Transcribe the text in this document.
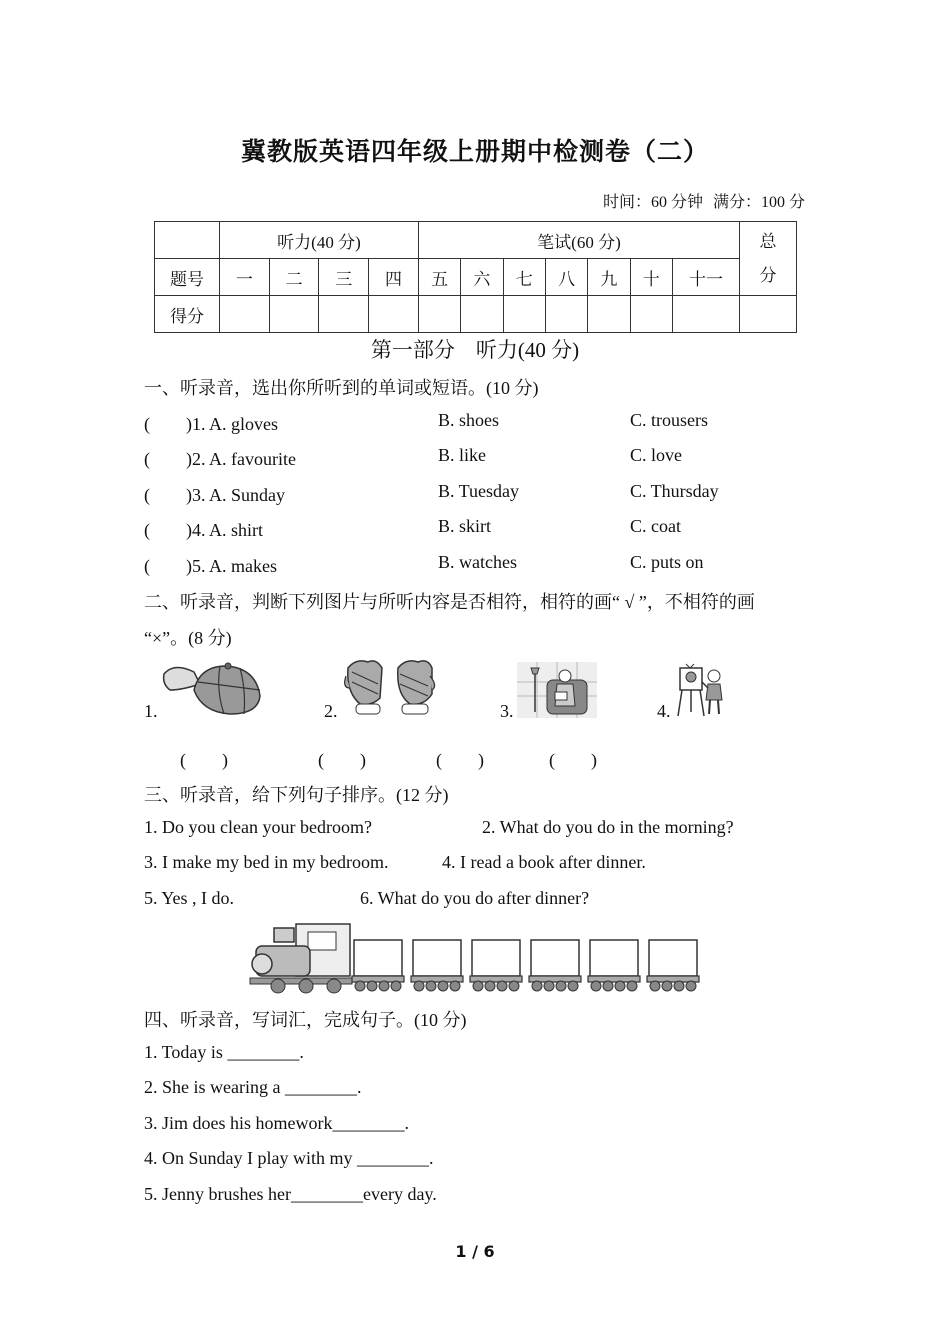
冀教版英语四年级上册期中检测卷（二）
时间：60 分钟 满分：100 分
	听力(40 分)				笔试(60 分)							总分
题号	一	二	三	四	五	六	七	八	九	十	十一	
得分												
第一部分　听力(40 分)
一、听录音，选出你所听到的单词或短语。(10 分)
(　　)1. A. gloves	B. shoes	C. trousers
(　　)2. A. favourite	B. like	C. love
(　　)3. A. Sunday	B. Tuesday	C. Thursday
(　　)4. A. shirt	B. skirt	C. coat
(　　)5. A. makes	B. watches	C. puts on
二、听录音，判断下列图片与所听内容是否相符，相符的画“ √ ”，不相符的画
“×”。(8 分)
1.	2.	3.	4.
(　　)	(　　)	(　　)	(　　)
三、听录音，给下列句子排序。(12 分)
1. Do you clean your bedroom?	2. What do you do in the morning?
3. I make my bed in my bedroom.	4. I read a book after dinner.
5. Yes , I do.	6. What do you do after dinner?
四、听录音，写词汇，完成句子。(10 分)
1. Today is ________.
2. She is wearing a ________.
3. Jim does his homework________.
4. On Sunday I play with my ________.
5. Jenny brushes her________every day.
1 / 6
